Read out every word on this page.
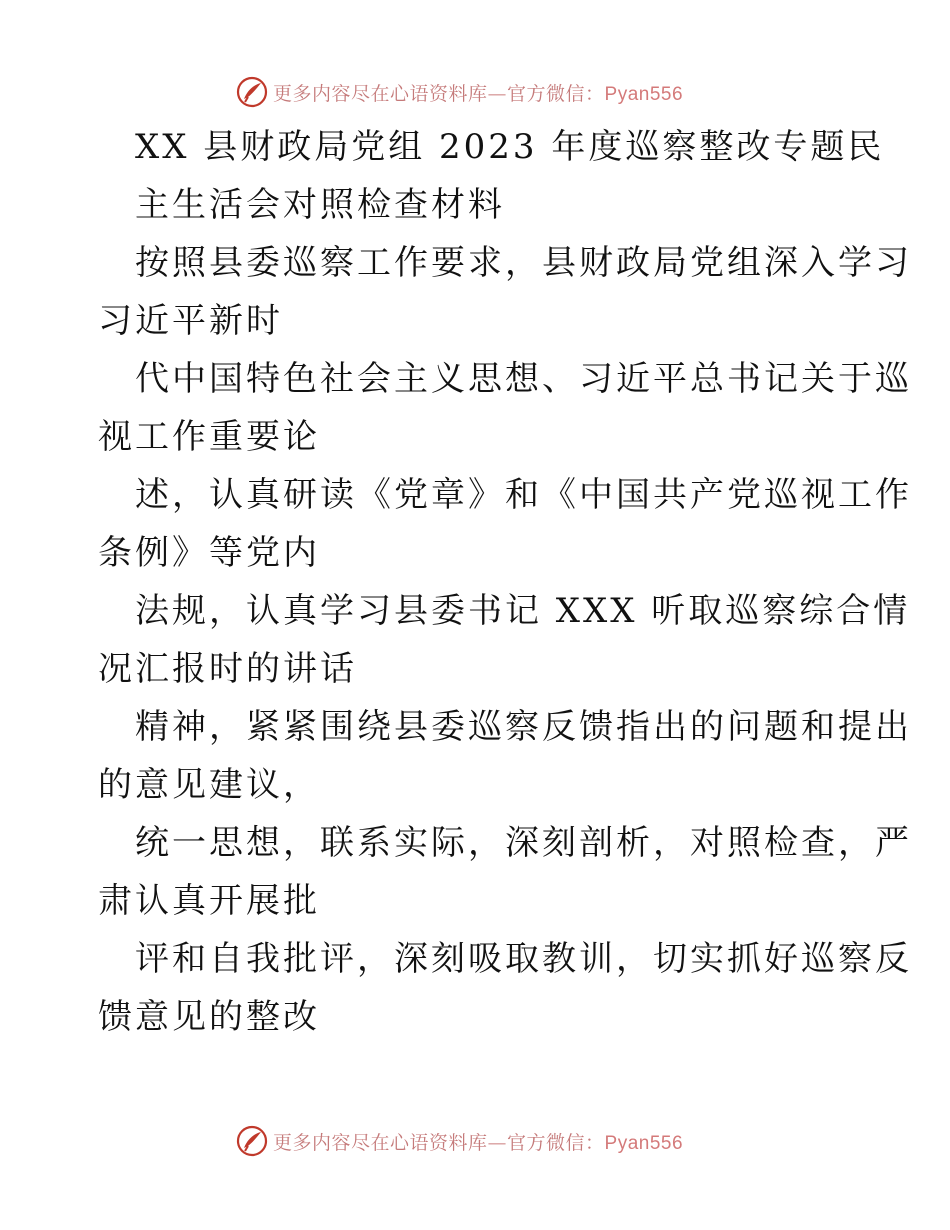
更多内容尽在心语资料库—官方微信：Pyan556
XX 县财政局党组 2023 年度巡察整改专题民
主生活会对照检查材料
按照县委巡察工作要求，县财政局党组深入学习
习近平新时
代中国特色社会主义思想、习近平总书记关于巡
视工作重要论
述，认真研读《党章》和《中国共产党巡视工作
条例》等党内
法规，认真学习县委书记 XXX 听取巡察综合情
况汇报时的讲话
精神，紧紧围绕县委巡察反馈指出的问题和提出
的意见建议，
统一思想，联系实际，深刻剖析，对照检查，严
肃认真开展批
评和自我批评，深刻吸取教训，切实抓好巡察反
馈意见的整改
更多内容尽在心语资料库—官方微信：Pyan556
